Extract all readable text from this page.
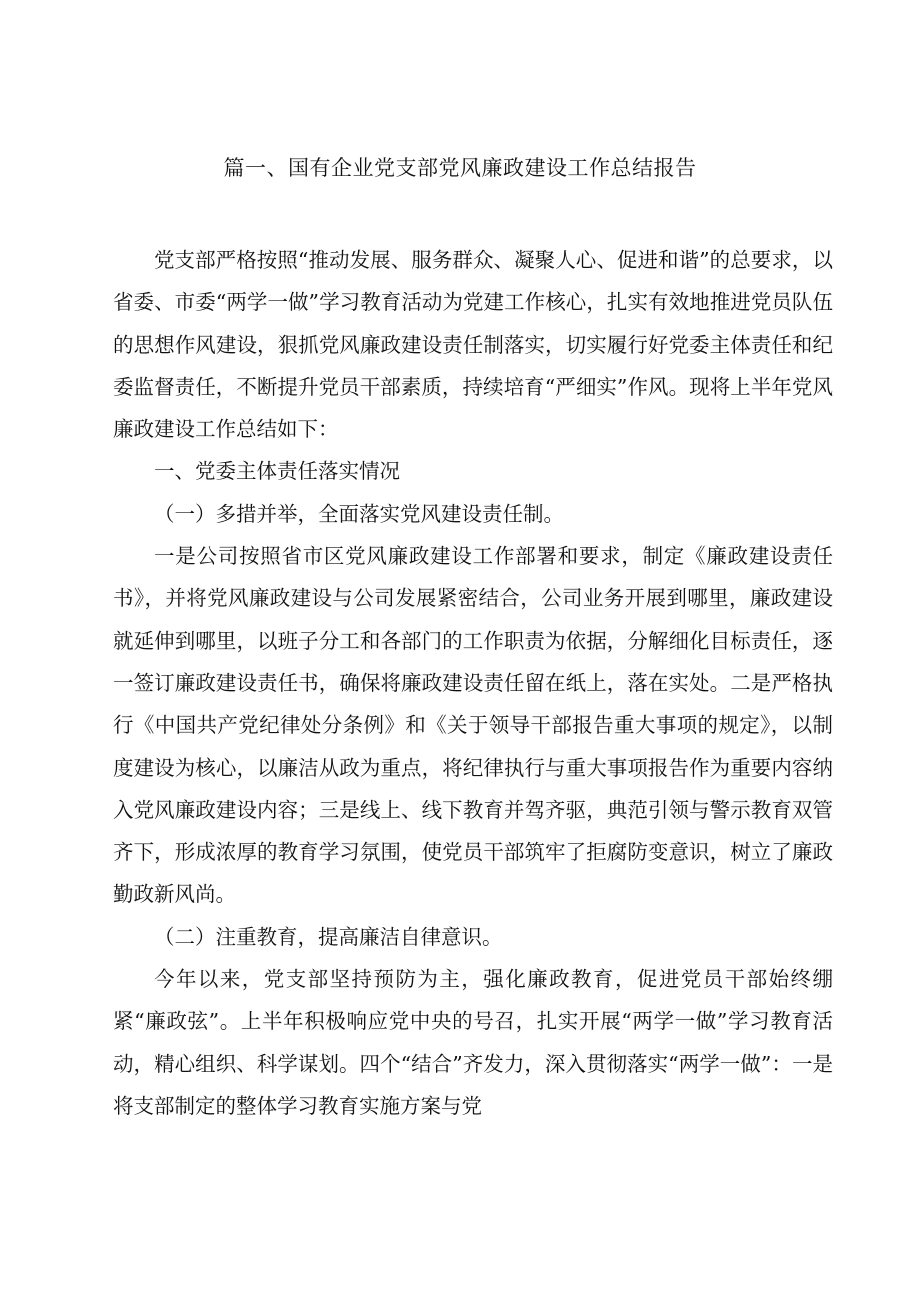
篇一、国有企业党支部党风廉政建设工作总结报告

党支部严格按照“推动发展、服务群众、凝聚人心、促进和谐”的总要求，以省委、市委“两学一做”学习教育活动为党建工作核心，扎实有效地推进党员队伍的思想作风建设，狠抓党风廉政建设责任制落实，切实履行好党委主体责任和纪委监督责任，不断提升党员干部素质，持续培育“严细实”作风。现将上半年党风廉政建设工作总结如下：

一、党委主体责任落实情况

（一）多措并举，全面落实党风建设责任制。

一是公司按照省市区党风廉政建设工作部署和要求，制定《廉政建设责任书》，并将党风廉政建设与公司发展紧密结合，公司业务开展到哪里，廉政建设就延伸到哪里，以班子分工和各部门的工作职责为依据，分解细化目标责任，逐一签订廉政建设责任书，确保将廉政建设责任留在纸上，落在实处。二是严格执行《中国共产党纪律处分条例》和《关于领导干部报告重大事项的规定》，以制度建设为核心，以廉洁从政为重点，将纪律执行与重大事项报告作为重要内容纳入党风廉政建设内容；三是线上、线下教育并驾齐驱，典范引领与警示教育双管齐下，形成浓厚的教育学习氛围，使党员干部筑牢了拒腐防变意识，树立了廉政勤政新风尚。

（二）注重教育，提高廉洁自律意识。

今年以来，党支部坚持预防为主，强化廉政教育，促进党员干部始终绷紧“廉政弦”。上半年积极响应党中央的号召，扎实开展“两学一做”学习教育活动，精心组织、科学谋划。四个“结合”齐发力，深入贯彻落实“两学一做”：一是将支部制定的整体学习教育实施方案与党
